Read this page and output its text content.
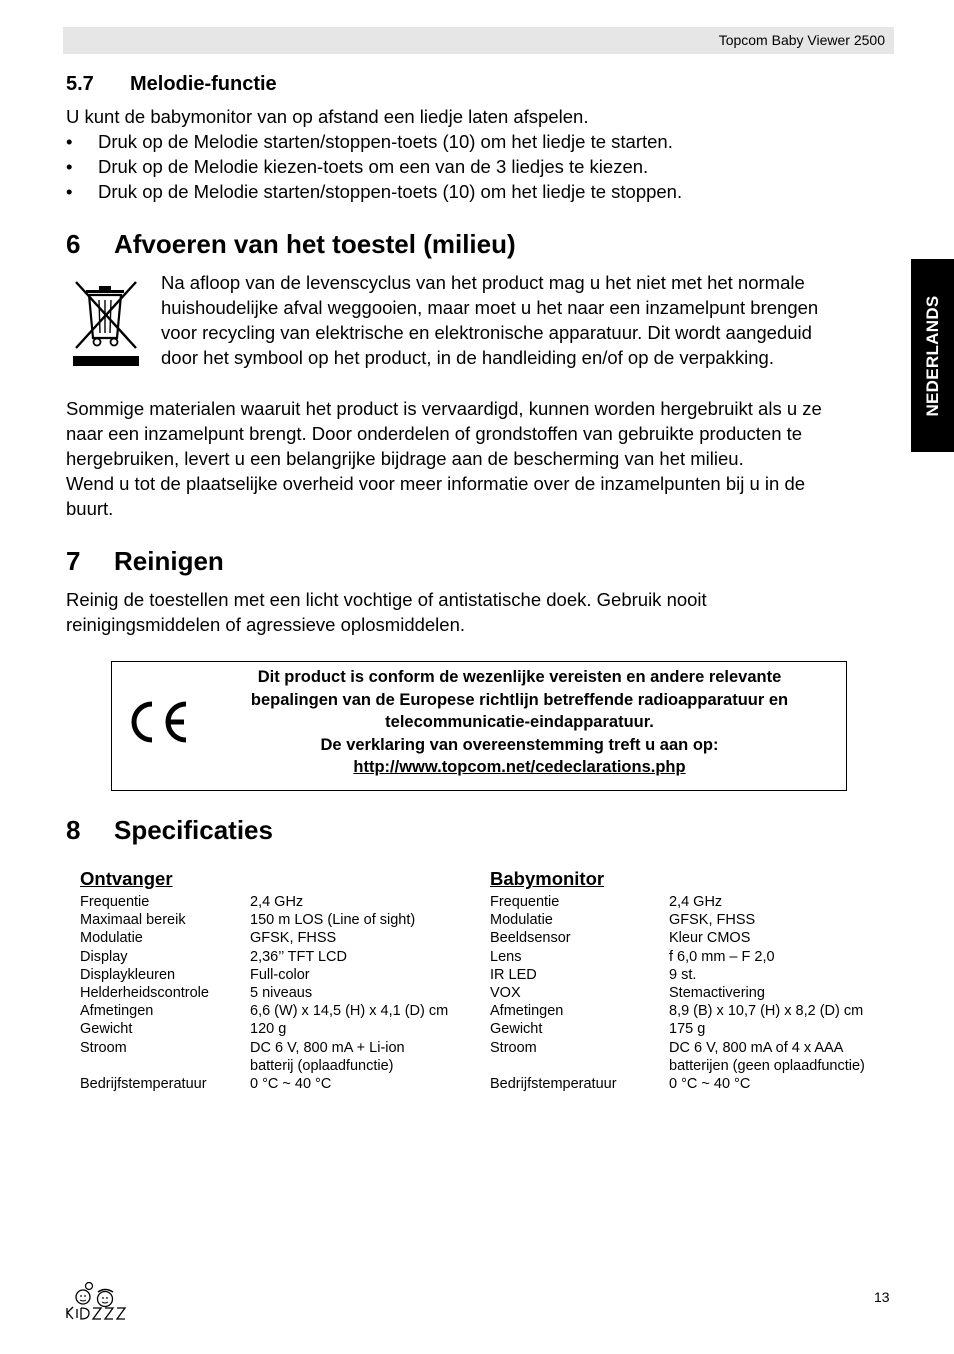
Topcom Baby Viewer 2500
NEDERLANDS
5.7 Melodie-functie
U kunt de babymonitor van op afstand een liedje laten afspelen.
• Druk op de Melodie starten/stoppen-toets (10) om het liedje te starten.
• Druk op de Melodie kiezen-toets om een van de 3 liedjes te kiezen.
• Druk op de Melodie starten/stoppen-toets (10) om het liedje te stoppen.
6 Afvoeren van het toestel (milieu)
Na afloop van de levenscyclus van het product mag u het niet met het normale
huishoudelijke afval weggooien, maar moet u het naar een inzamelpunt brengen
voor recycling van elektrische en elektronische apparatuur. Dit wordt aangeduid
door het symbool op het product, in de handleiding en/of op de verpakking.
Sommige materialen waaruit het product is vervaardigd, kunnen worden hergebruikt als u ze
naar een inzamelpunt brengt. Door onderdelen of grondstoffen van gebruikte producten te
hergebruiken, levert u een belangrijke bijdrage aan de bescherming van het milieu.
Wend u tot de plaatselijke overheid voor meer informatie over de inzamelpunten bij u in de
buurt.
7 Reinigen
Reinig de toestellen met een licht vochtige of antistatische doek. Gebruik nooit
reinigingsmiddelen of agressieve oplosmiddelen.
Dit product is conform de wezenlijke vereisten en andere relevante
bepalingen van de Europese richtlijn betreffende radioapparatuur en
telecommunicatie-eindapparatuur.
De verklaring van overeenstemming treft u aan op:
http://www.topcom.net/cedeclarations.php
8 Specificaties
Ontvanger	Babymonitor
Frequentie	2,4 GHz
Maximaal bereik	150 m LOS (Line of sight)
Modulatie	GFSK, FHSS
Display	2,36’’ TFT LCD
Displaykleuren	Full-color
Helderheidscontrole	5 niveaus
Afmetingen	6,6 (W) x 14,5 (H) x 4,1 (D) cm
Gewicht	120 g
Stroom	DC 6 V, 800 mA + Li-ion
batterij (oplaadfunctie)
Bedrijfstemperatuur	0 °C ~ 40 °C
Frequentie	2,4 GHz
Modulatie	GFSK, FHSS
Beeldsensor	Kleur CMOS
Lens	f 6,0 mm – F 2,0
IR LED	9 st.
VOX	Stemactivering
Afmetingen	8,9 (B) x 10,7 (H) x 8,2 (D) cm
Gewicht	175 g
Stroom	DC 6 V, 800 mA of 4 x AAA
batterijen (geen oplaadfunctie)
Bedrijfstemperatuur	0 °C ~ 40 °C
13
